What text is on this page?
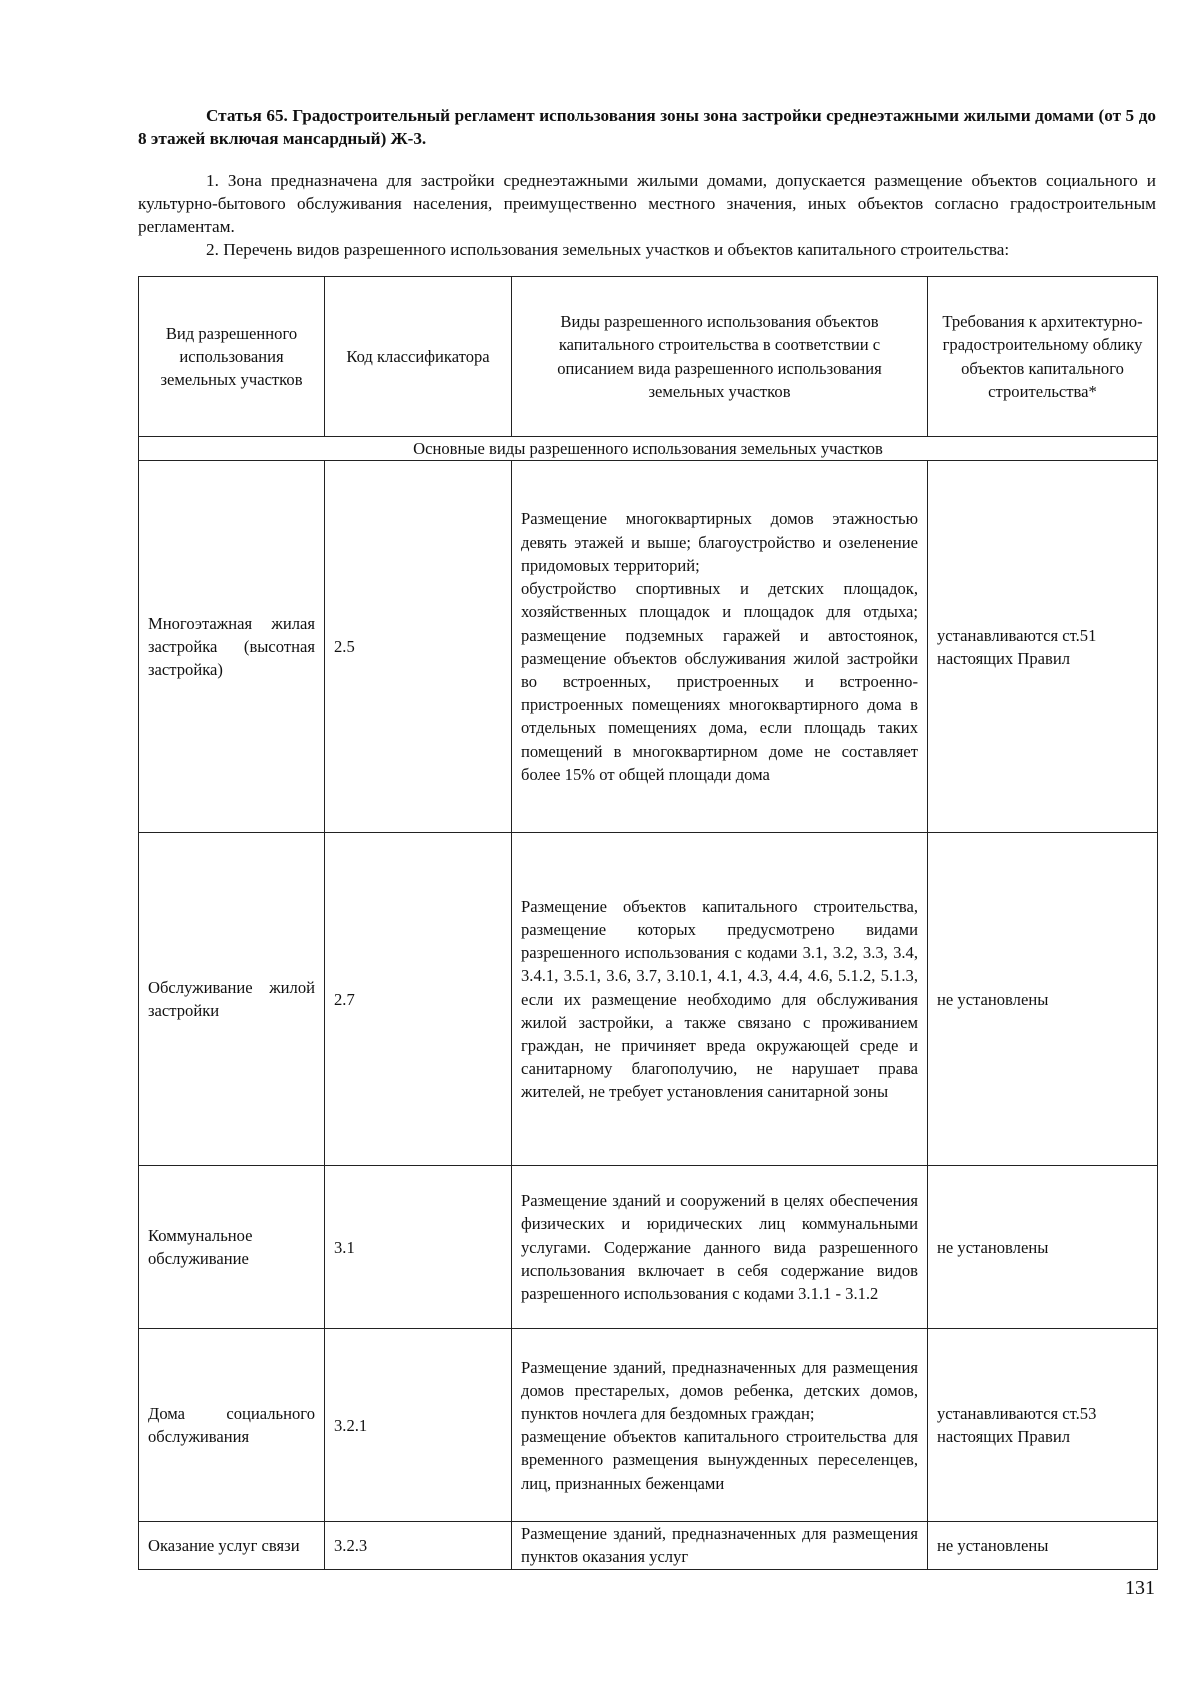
Статья 65. Градостроительный регламент использования зоны зона застройки среднеэтажными жилыми домами (от 5 до 8 этажей включая мансардный) Ж-3.

1. Зона предназначена для застройки среднеэтажными жилыми домами, допускается размещение объектов социального и культурно-бытового обслуживания населения, преимущественно местного значения, иных объектов согласно градостроительным регламентам.

2. Перечень видов разрешенного использования земельных участков и объектов капитального строительства:

Вид разрешенного использования земельных участков	Код классификатора	Виды разрешенного использования объектов капитального строительства в соответствии с описанием вида разрешенного использования земельных участков	Требования к архитектурно-градостроительному облику объектов капитального строительства*
Основные виды разрешенного использования земельных участков			
Многоэтажная жилая застройка (высотная застройка)	2.5	Размещение многоквартирных домов этажностью девять этажей и выше; благоустройство и озеленение придомовых территорий;
обустройство спортивных и детских площадок, хозяйственных площадок и площадок для отдыха; размещение подземных гаражей и автостоянок, размещение объектов обслуживания жилой застройки во встроенных, пристроенных и встроенно-пристроенных помещениях многоквартирного дома в отдельных помещениях дома, если площадь таких помещений в многоквартирном доме не составляет более 15% от общей площади дома	устанавливаются ст.51 настоящих Правил
Обслуживание жилой застройки	2.7	Размещение объектов капитального строительства, размещение которых предусмотрено видами разрешенного использования с кодами 3.1, 3.2, 3.3, 3.4, 3.4.1, 3.5.1, 3.6, 3.7, 3.10.1, 4.1, 4.3, 4.4, 4.6, 5.1.2, 5.1.3, если их размещение необходимо для обслуживания жилой застройки, а также связано с проживанием граждан, не причиняет вреда окружающей среде и санитарному благополучию, не нарушает права жителей, не требует установления санитарной зоны	не установлены
Коммунальное обслуживание	3.1	Размещение зданий и сооружений в целях обеспечения физических и юридических лиц коммунальными услугами. Содержание данного вида разрешенного использования включает в себя содержание видов разрешенного использования с кодами 3.1.1 - 3.1.2	не установлены
Дома социального обслуживания	3.2.1	Размещение зданий, предназначенных для размещения домов престарелых, домов ребенка, детских домов, пунктов ночлега для бездомных граждан;
размещение объектов капитального строительства для временного размещения вынужденных переселенцев, лиц, признанных беженцами	устанавливаются ст.53 настоящих Правил
Оказание услуг связи	3.2.3	Размещение зданий, предназначенных для размещения пунктов оказания услуг	не установлены
131
